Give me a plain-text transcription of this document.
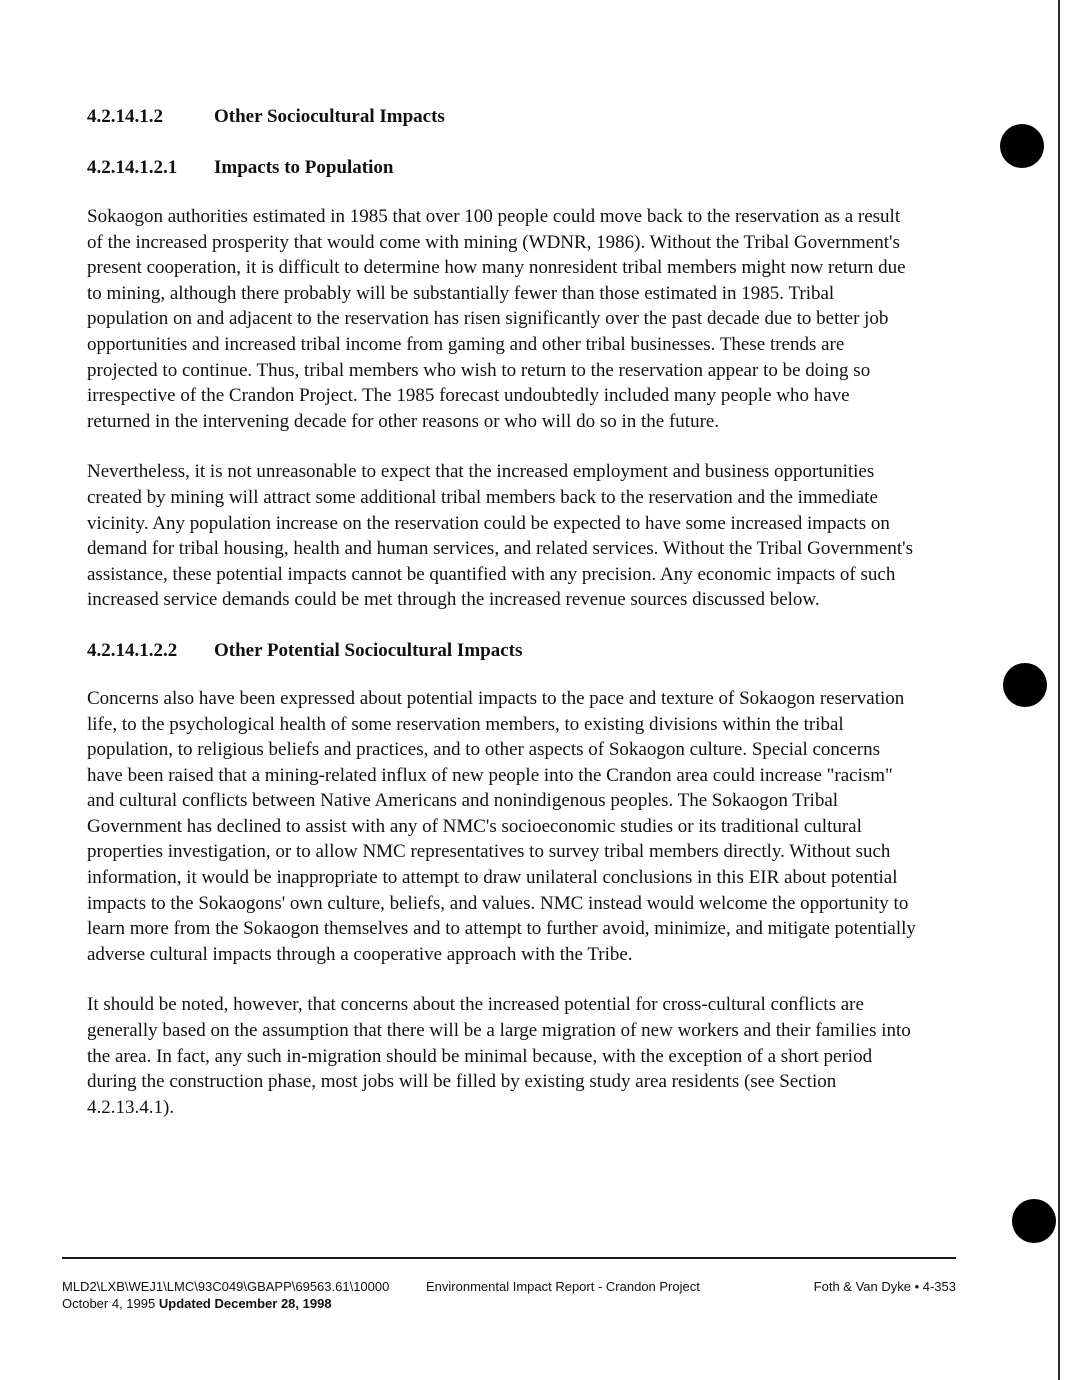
4.2.14.1.2	Other Sociocultural Impacts
4.2.14.1.2.1	Impacts to Population

Sokaogon authorities estimated in 1985 that over 100 people could move back to the reservation as a result of the increased prosperity that would come with mining (WDNR, 1986). Without the Tribal Government's present cooperation, it is difficult to determine how many nonresident tribal members might now return due to mining, although there probably will be substantially fewer than those estimated in 1985. Tribal population on and adjacent to the reservation has risen significantly over the past decade due to better job opportunities and increased tribal income from gaming and other tribal businesses. These trends are projected to continue. Thus, tribal members who wish to return to the reservation appear to be doing so irrespective of the Crandon Project. The 1985 forecast undoubtedly included many people who have returned in the intervening decade for other reasons or who will do so in the future.

Nevertheless, it is not unreasonable to expect that the increased employment and business opportunities created by mining will attract some additional tribal members back to the reservation and the immediate vicinity. Any population increase on the reservation could be expected to have some increased impacts on demand for tribal housing, health and human services, and related services. Without the Tribal Government's assistance, these potential impacts cannot be quantified with any precision. Any economic impacts of such increased service demands could be met through the increased revenue sources discussed below.

4.2.14.1.2.2	Other Potential Sociocultural Impacts

Concerns also have been expressed about potential impacts to the pace and texture of Sokaogon reservation life, to the psychological health of some reservation members, to existing divisions within the tribal population, to religious beliefs and practices, and to other aspects of Sokaogon culture. Special concerns have been raised that a mining-related influx of new people into the Crandon area could increase "racism" and cultural conflicts between Native Americans and nonindigenous peoples. The Sokaogon Tribal Government has declined to assist with any of NMC's socioeconomic studies or its traditional cultural properties investigation, or to allow NMC representatives to survey tribal members directly. Without such information, it would be inappropriate to attempt to draw unilateral conclusions in this EIR about potential impacts to the Sokaogons' own culture, beliefs, and values. NMC instead would welcome the opportunity to learn more from the Sokaogon themselves and to attempt to further avoid, minimize, and mitigate potentially adverse cultural impacts through a cooperative approach with the Tribe.

It should be noted, however, that concerns about the increased potential for cross-cultural conflicts are generally based on the assumption that there will be a large migration of new workers and their families into the area. In fact, any such in-migration should be minimal because, with the exception of a short period during the construction phase, most jobs will be filled by existing study area residents (see Section 4.2.13.4.1).

MLD2\LXB\WEJ1\LMC\93C049\GBAPP\69563.61\10000
October 4, 1995 Updated December 28, 1998
Environmental Impact Report - Crandon Project	Foth & Van Dyke • 4-353
